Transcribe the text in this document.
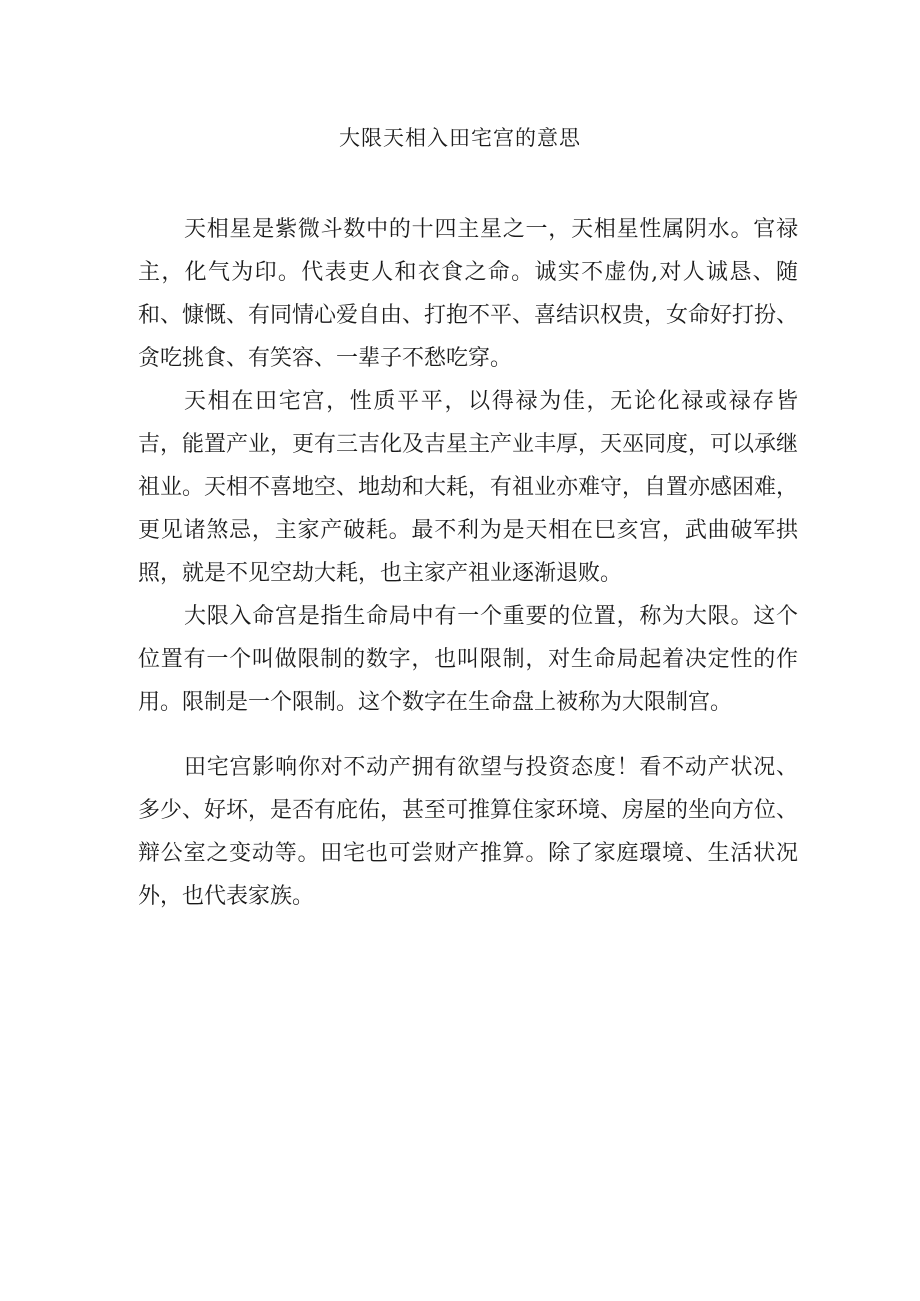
大限天相入田宅宫的意思

天相星是紫微斗数中的十四主星之一，天相星性属阴水。官禄主，化气为印。代表吏人和衣食之命。诚实不虚伪,对人诚恳、随和、慷慨、有同情心爱自由、打抱不平、喜结识权贵，女命好打扮、贪吃挑食、有笑容、一辈子不愁吃穿。

天相在田宅宫，性质平平，以得禄为佳，无论化禄或禄存皆吉，能置产业，更有三吉化及吉星主产业丰厚，天巫同度，可以承继祖业。天相不喜地空、地劫和大耗，有祖业亦难守，自置亦感困难，更见诸煞忌，主家产破耗。最不利为是天相在巳亥宫，武曲破军拱照，就是不见空劫大耗，也主家产祖业逐渐退败。

大限入命宫是指生命局中有一个重要的位置，称为大限。这个位置有一个叫做限制的数字，也叫限制，对生命局起着决定性的作用。限制是一个限制。这个数字在生命盘上被称为大限制宫。

田宅宫影响你对不动产拥有欲望与投资态度！看不动产状况、多少、好坏，是否有庇佑，甚至可推算住家环境、房屋的坐向方位、辩公室之变动等。田宅也可尝财产推算。除了家庭環境、生活状况外，也代表家族。
